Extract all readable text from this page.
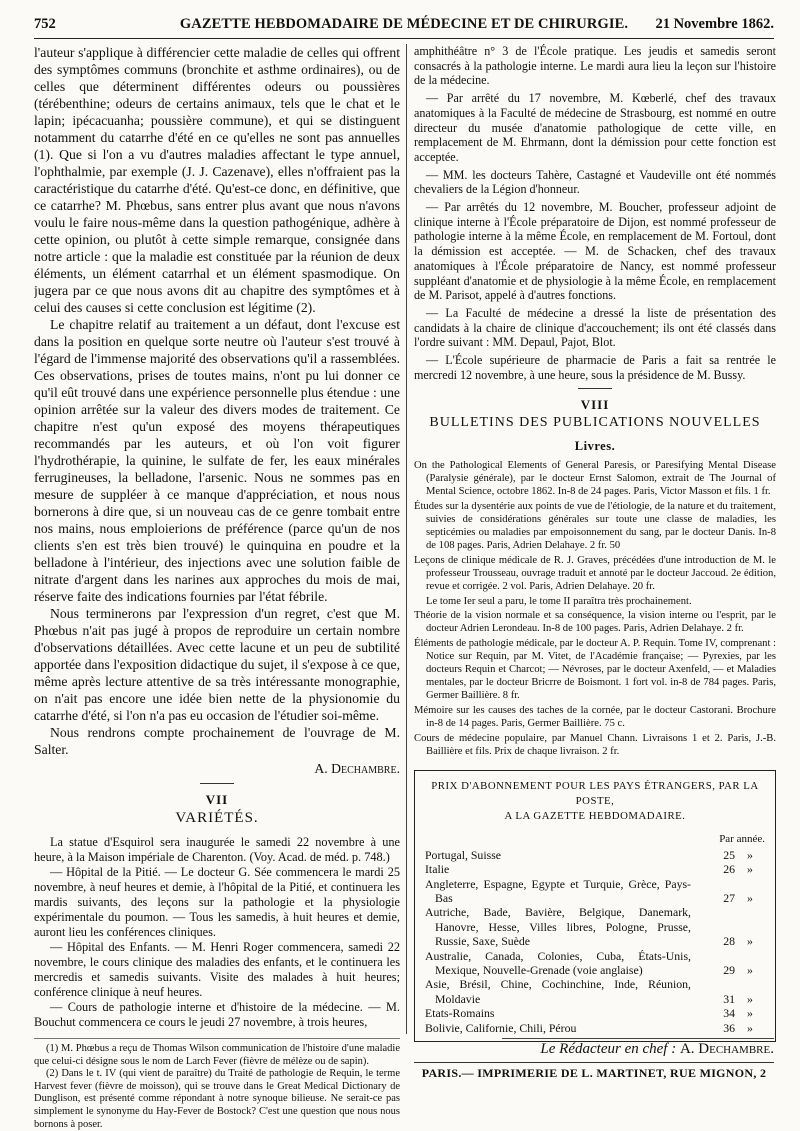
752	GAZETTE HEBDOMADAIRE DE MÉDECINE ET DE CHIRURGIE.	21 Novembre 1862.

l'auteur s'applique à différencier cette maladie de celles qui offrent des symptômes communs (bronchite et asthme ordinaires), ou de celles que déterminent différentes odeurs ou poussières (térébenthine; odeurs de certains animaux, tels que le chat et le lapin; ipécacuanha; poussière commune), et qui se distinguent notamment du catarrhe d'été en ce qu'elles ne sont pas annuelles (1). Que si l'on a vu d'autres maladies affectant le type annuel, l'ophthalmie, par exemple (J. J. Cazenave), elles n'offraient pas la caractéristique du catarrhe d'été. Qu'est-ce donc, en définitive, que ce catarrhe? M. Phœbus, sans entrer plus avant que nous n'avons voulu le faire nous-même dans la question pathogénique, adhère à cette opinion, ou plutôt à cette simple remarque, consignée dans notre article : que la maladie est constituée par la réunion de deux éléments, un élément catarrhal et un élément spasmodique. On jugera par ce que nous avons dit au chapitre des symptômes et à celui des causes si cette conclusion est légitime (2).

Le chapitre relatif au traitement a un défaut, dont l'excuse est dans la position en quelque sorte neutre où l'auteur s'est trouvé à l'égard de l'immense majorité des observations qu'il a rassemblées. Ces observations, prises de toutes mains, n'ont pu lui donner ce qu'il eût trouvé dans une expérience personnelle plus étendue : une opinion arrêtée sur la valeur des divers modes de traitement. Ce chapitre n'est qu'un exposé des moyens thérapeutiques recommandés par les auteurs, et où l'on voit figurer l'hydrothérapie, la quinine, le sulfate de fer, les eaux minérales ferrugineuses, la belladone, l'arsenic. Nous ne sommes pas en mesure de suppléer à ce manque d'appréciation, et nous nous bornerons à dire que, si un nouveau cas de ce genre tombait entre nos mains, nous emploierions de préférence (parce qu'un de nos clients s'en est très bien trouvé) le quinquina en poudre et la belladone à l'intérieur, des injections avec une solution faible de nitrate d'argent dans les narines aux approches du mois de mai, réserve faite des indications fournies par l'état fébrile.

Nous terminerons par l'expression d'un regret, c'est que M. Phœbus n'ait pas jugé à propos de reproduire un certain nombre d'observations détaillées. Avec cette lacune et un peu de subtilité apportée dans l'exposition didactique du sujet, il s'expose à ce que, même après lecture attentive de sa très intéressante monographie, on n'ait pas encore une idée bien nette de la physionomie du catarrhe d'été, si l'on n'a pas eu occasion de l'étudier soi-même.

Nous rendrons compte prochainement de l'ouvrage de M. Salter.

A. Dechambre.

VII
VARIÉTÉS.

La statue d'Esquirol sera inaugurée le samedi 22 novembre à une heure, à la Maison impériale de Charenton. (Voy. Acad. de méd. p. 748.)

— Hôpital de la Pitié. — Le docteur G. Sée commencera le mardi 25 novembre, à neuf heures et demie, à l'hôpital de la Pitié, et continuera les mardis suivants, des leçons sur la pathologie et la physiologie expérimentale du poumon. — Tous les samedis, à huit heures et demie, auront lieu les conférences cliniques.

— Hôpital des Enfants. — M. Henri Roger commencera, samedi 22 novembre, le cours clinique des maladies des enfants, et le continuera les mercredis et samedis suivants. Visite des malades à huit heures; conférence clinique à neuf heures.

— Cours de pathologie interne et d'histoire de la médecine. — M. Bouchut commencera ce cours le jeudi 27 novembre, à trois heures,

(1) M. Phœbus a reçu de Thomas Wilson communication de l'histoire d'une maladie que celui-ci désigne sous le nom de Larch Fever (fièvre de mélèze ou de sapin).

(2) Dans le t. IV (qui vient de paraître) du Traité de pathologie de Requin, le terme Harvest fever (fièvre de moisson), qui se trouve dans le Great Medical Dictionary de Dunglison, est présenté comme répondant à notre synoque bilieuse. Ne serait-ce pas simplement le synonyme du Hay-Fever de Bostock? C'est une question que nous nous bornons à poser.

amphithéâtre n° 3 de l'École pratique. Les jeudis et samedis seront consacrés à la pathologie interne. Le mardi aura lieu la leçon sur l'histoire de la médecine.

— Par arrêté du 17 novembre, M. Kœberlé, chef des travaux anatomiques à la Faculté de médecine de Strasbourg, est nommé en outre directeur du musée d'anatomie pathologique de cette ville, en remplacement de M. Ehrmann, dont la démission pour cette fonction est acceptée.

— MM. les docteurs Tahère, Castagné et Vaudeville ont été nommés chevaliers de la Légion d'honneur.

— Par arrêtés du 12 novembre, M. Boucher, professeur adjoint de clinique interne à l'École préparatoire de Dijon, est nommé professeur de pathologie interne à la même École, en remplacement de M. Fortoul, dont la démission est acceptée. — M. de Schacken, chef des travaux anatomiques à l'École préparatoire de Nancy, est nommé professeur suppléant d'anatomie et de physiologie à la même École, en remplacement de M. Parisot, appelé à d'autres fonctions.

— La Faculté de médecine a dressé la liste de présentation des candidats à la chaire de clinique d'accouchement; ils ont été classés dans l'ordre suivant : MM. Depaul, Pajot, Blot.

— L'École supérieure de pharmacie de Paris a fait sa rentrée le mercredi 12 novembre, à une heure, sous la présidence de M. Bussy.

VIII
BULLETINS DES PUBLICATIONS NOUVELLES
Livres.

On the Pathological Elements of General Paresis, or Paresifying Mental Disease (Paralysie générale), par le docteur Ernst Salomon, extrait de The Journal of Mental Science, octobre 1862. In-8 de 24 pages. Paris, Victor Masson et fils. 1 fr.

Études sur la dysentérie aux points de vue de l'étiologie, de la nature et du traitement, suivies de considérations générales sur toute une classe de maladies, les septicémies ou maladies par empoisonnement du sang, par le docteur Danis. In-8 de 108 pages. Paris, Adrien Delahaye. 2 fr. 50

Leçons de clinique médicale de R. J. Graves, précédées d'une introduction de M. le professeur Trousseau, ouvrage traduit et annoté par le docteur Jaccoud. 2e édition, revue et corrigée. 2 vol. Paris, Adrien Delahaye. 20 fr.

Le tome Ier seul a paru, le tome II paraîtra très prochainement.

Théorie de la vision normale et sa conséquence, la vision interne ou l'esprit, par le docteur Adrien Lerondeau. In-8 de 100 pages. Paris, Adrien Delahaye. 2 fr.

Éléments de pathologie médicale, par le docteur A. P. Requin. Tome IV, comprenant : Notice sur Requin, par M. Vitet, de l'Académie française; — Pyrexies, par les docteurs Requin et Charcot; — Névroses, par le docteur Axenfeld, — et Maladies mentales, par le docteur Bricrre de Boismont. 1 fort vol. in-8 de 784 pages. Paris, Germer Baillière. 8 fr.

Mémoire sur les causes des taches de la cornée, par le docteur Castorani. Brochure in-8 de 14 pages. Paris, Germer Baillière. 75 c.

Cours de médecine populaire, par Manuel Chann. Livraisons 1 et 2. Paris, J.-B. Baillière et fils. Prix de chaque livraison. 2 fr.

PRIX D'ABONNEMENT POUR LES PAYS ÉTRANGERS, PAR LA POSTE,
A LA GAZETTE HEBDOMADAIRE.
Par année.
Portugal, Suisse	25	»
Italie	26	»
Angleterre, Espagne, Egypte et Turquie, Grèce, Pays-Bas	27	»
Autriche, Bade, Bavière, Belgique, Danemark, Hanovre, Hesse, Villes libres, Pologne, Prusse, Russie, Saxe, Suède	28	»
Australie, Canada, Colonies, Cuba, États-Unis, Mexique, Nouvelle-Grenade (voie anglaise)	29	»
Asie, Brésil, Chine, Cochinchine, Inde, Réunion, Moldavie	31	»
Etats-Romains	34	»
Bolivie, Californie, Chili, Pérou	36	»
Le Rédacteur en chef : A. Dechambre.
PARIS.— IMPRIMERIE DE L. MARTINET, RUE MIGNON, 2
